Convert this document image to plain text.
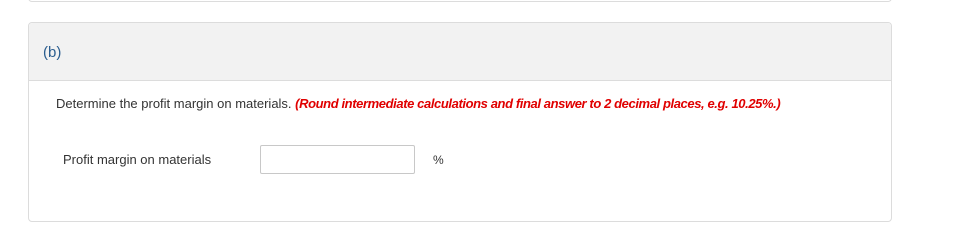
(b)
Determine the profit margin on materials. (Round intermediate calculations and final answer to 2 decimal places, e.g. 10.25%.)
Profit margin on materials	%
